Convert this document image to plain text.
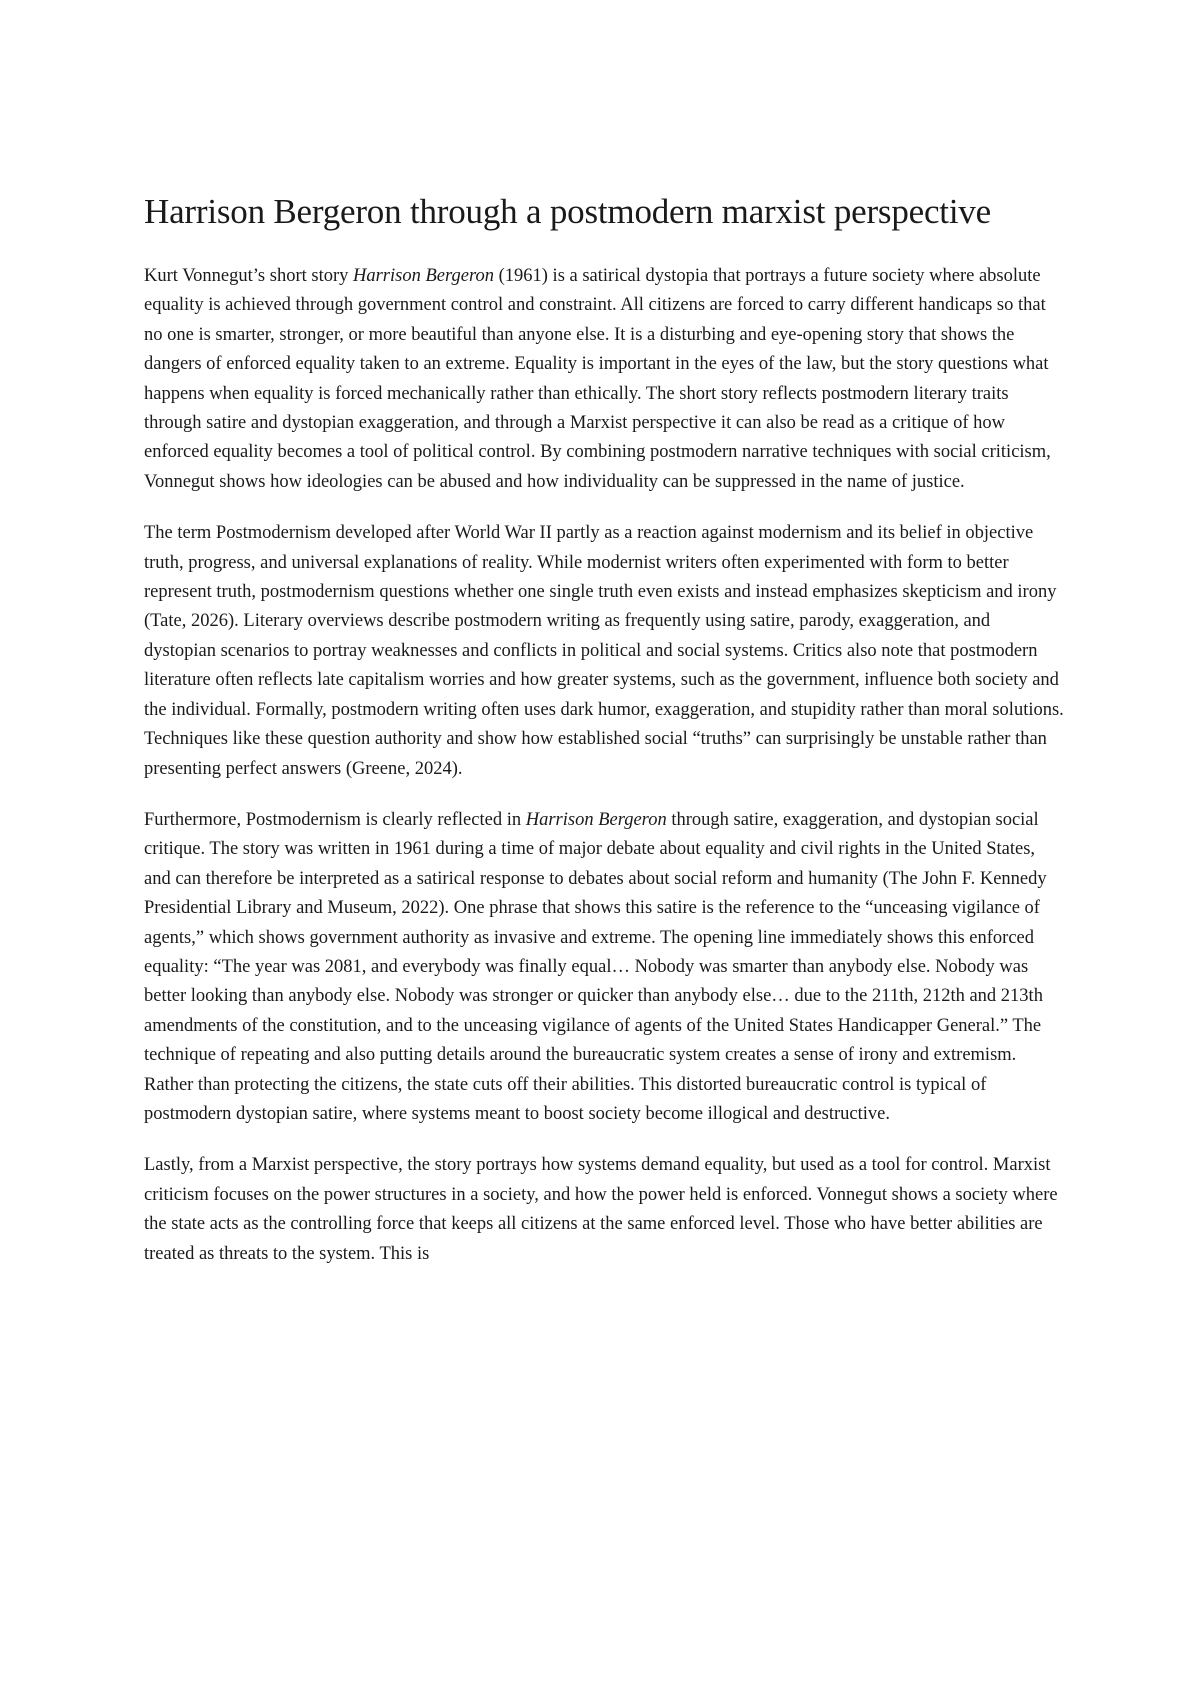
Harrison Bergeron through a postmodern marxist perspective

Kurt Vonnegut’s short story Harrison Bergeron (1961) is a satirical dystopia that portrays a future society where absolute equality is achieved through government control and constraint. All citizens are forced to carry different handicaps so that no one is smarter, stronger, or more beautiful than anyone else. It is a disturbing and eye-opening story that shows the dangers of enforced equality taken to an extreme. Equality is important in the eyes of the law, but the story questions what happens when equality is forced mechanically rather than ethically. The short story reflects postmodern literary traits through satire and dystopian exaggeration, and through a Marxist perspective it can also be read as a critique of how enforced equality becomes a tool of political control. By combining postmodern narrative techniques with social criticism, Vonnegut shows how ideologies can be abused and how individuality can be suppressed in the name of justice.

The term Postmodernism developed after World War II partly as a reaction against modernism and its belief in objective truth, progress, and universal explanations of reality. While modernist writers often experimented with form to better represent truth, postmodernism questions whether one single truth even exists and instead emphasizes skepticism and irony (Tate, 2026). Literary overviews describe postmodern writing as frequently using satire, parody, exaggeration, and dystopian scenarios to portray weaknesses and conflicts in political and social systems. Critics also note that postmodern literature often reflects late capitalism worries and how greater systems, such as the government, influence both society and the individual. Formally, postmodern writing often uses dark humor, exaggeration, and stupidity rather than moral solutions. Techniques like these question authority and show how established social “truths” can surprisingly be unstable rather than presenting perfect answers (Greene, 2024).

Furthermore, Postmodernism is clearly reflected in Harrison Bergeron through satire, exaggeration, and dystopian social critique. The story was written in 1961 during a time of major debate about equality and civil rights in the United States, and can therefore be interpreted as a satirical response to debates about social reform and humanity (The John F. Kennedy Presidential Library and Museum, 2022). One phrase that shows this satire is the reference to the “unceasing vigilance of agents,” which shows government authority as invasive and extreme. The opening line immediately shows this enforced equality: “The year was 2081, and everybody was finally equal… Nobody was smarter than anybody else. Nobody was better looking than anybody else. Nobody was stronger or quicker than anybody else… due to the 211th, 212th and 213th amendments of the constitution, and to the unceasing vigilance of agents of the United States Handicapper General.” The technique of repeating and also putting details around the bureaucratic system creates a sense of irony and extremism. Rather than protecting the citizens, the state cuts off their abilities. This distorted bureaucratic control is typical of postmodern dystopian satire, where systems meant to boost society become illogical and destructive.

Lastly, from a Marxist perspective, the story portrays how systems demand equality, but used as a tool for control. Marxist criticism focuses on the power structures in a society, and how the power held is enforced. Vonnegut shows a society where the state acts as the controlling force that keeps all citizens at the same enforced level. Those who have better abilities are treated as threats to the system. This is
